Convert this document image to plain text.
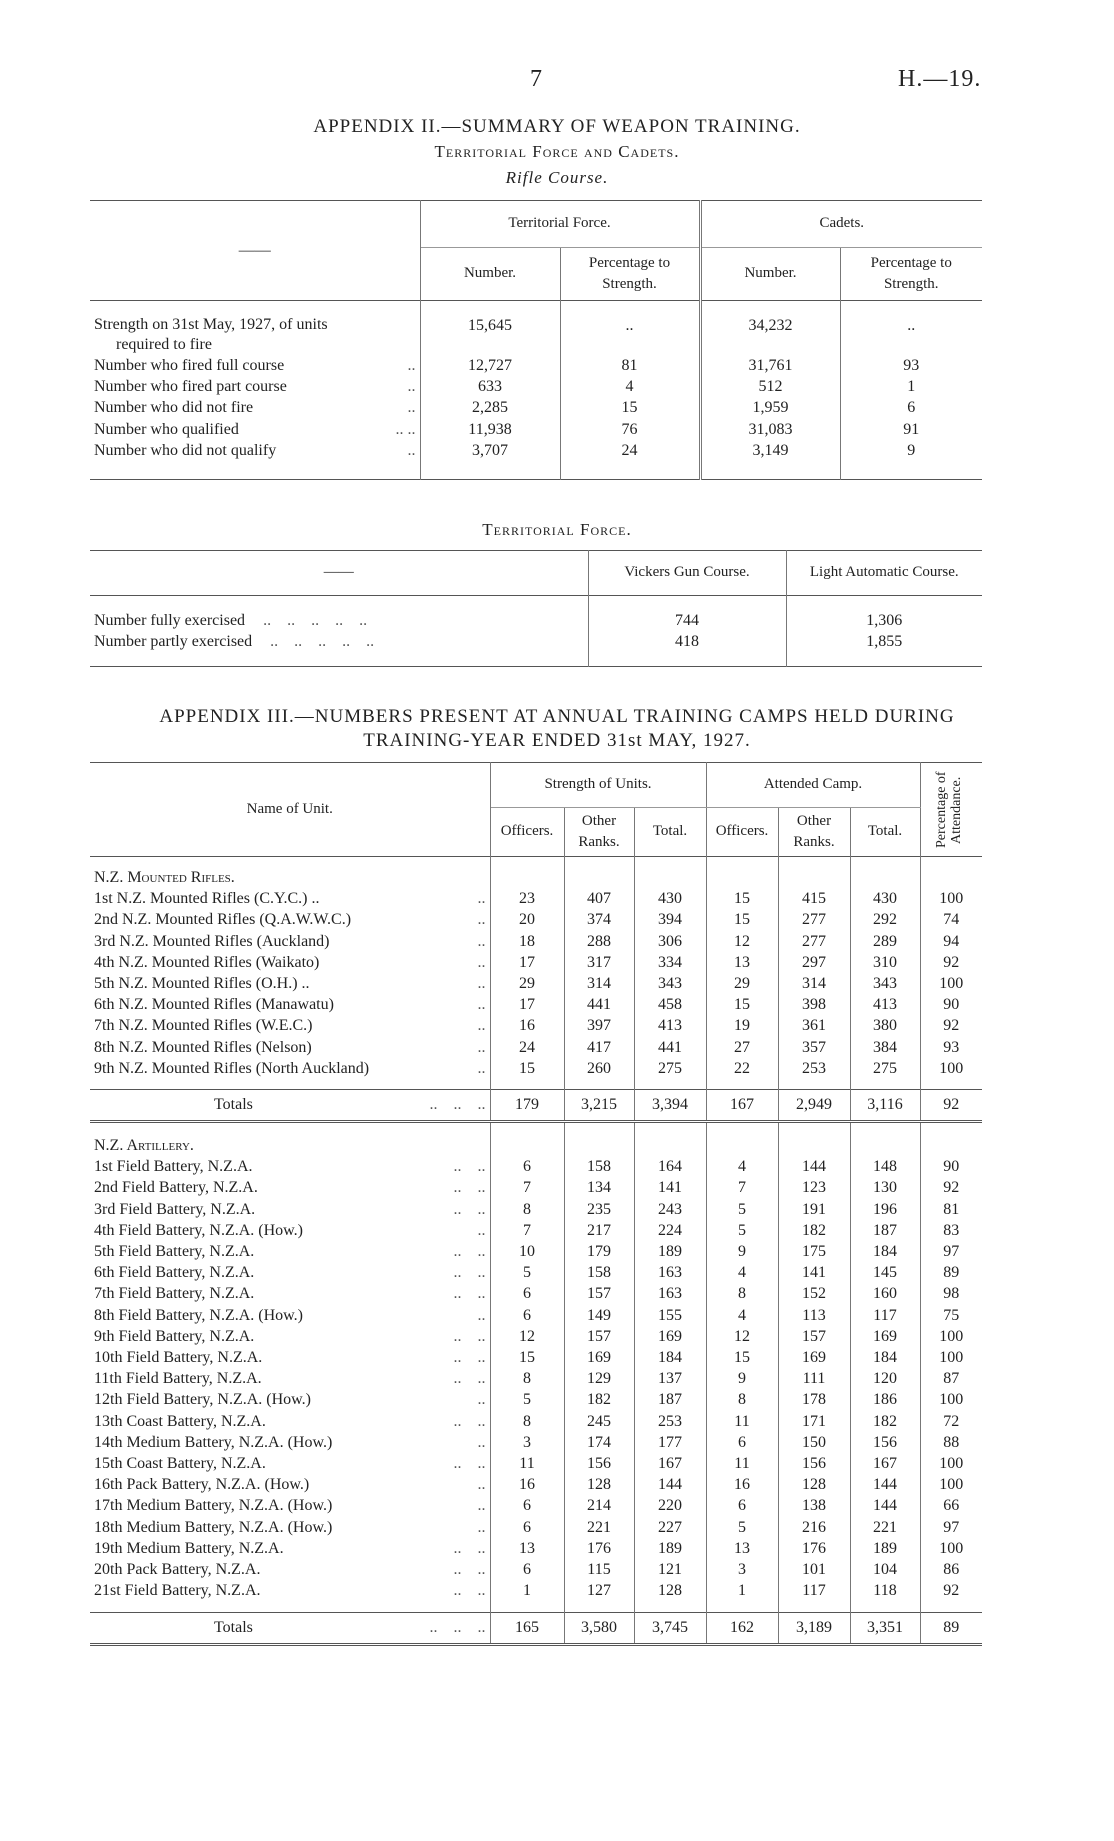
7	H.—19.
APPENDIX II.—SUMMARY OF WEAPON TRAINING.
Territorial Force and Cadets.
Rifle Course.
——	Territorial Force.		Cadets.	
	Number.	Percentage to Strength.	Number.	Percentage to Strength.

Strength on 31st May, 1927, of units
required to fire	15,645	..	34,232	..
Number who fired full course ..	12,727	81	31,761	93
Number who fired part course ..	633	4	512	1
Number who did not fire ..	2,285	15	1,959	6
Number who qualified .. ..	11,938	76	31,083	91
Number who did not qualify ..	3,707	24	3,149	9

Territorial Force.
——	Vickers Gun Course.	Light Automatic Course.

Number fully exercised ..    ..    ..    ..    ..	744	1,306
Number partly exercised ..    ..    ..    ..    ..	418	1,855

APPENDIX III.—NUMBERS PRESENT AT ANNUAL TRAINING CAMPS HELD DURING
TRAINING-YEAR ENDED 31st MAY, 1927.
Name of Unit.	Strength of Units.			Attended Camp.			Percentage of Attendance.

	Officers.	Other Ranks.	Total.	Officers.	Other Ranks.	Total.	

N.Z. Mounted Rifles.							
1st N.Z. Mounted Rifles (C.Y.C.) .. ..	23	407	430	15	415	430	100
2nd N.Z. Mounted Rifles (Q.A.W.W.C.) ..	20	374	394	15	277	292	74
3rd N.Z. Mounted Rifles (Auckland) ..	18	288	306	12	277	289	94
4th N.Z. Mounted Rifles (Waikato) ..	17	317	334	13	297	310	92
5th N.Z. Mounted Rifles (O.H.) .. ..	29	314	343	29	314	343	100
6th N.Z. Mounted Rifles (Manawatu) ..	17	441	458	15	398	413	90
7th N.Z. Mounted Rifles (W.E.C.) ..	16	397	413	19	361	380	92
8th N.Z. Mounted Rifles (Nelson) ..	24	417	441	27	357	384	93
9th N.Z. Mounted Rifles (North Auckland) ..	15	260	275	22	253	275	100

Totals ..    ..    ..	179	3,215	3,394	167	2,949	3,116	92

N.Z. Artillery.							
1st Field Battery, N.Z.A. ..    ..	6	158	164	4	144	148	90
2nd Field Battery, N.Z.A. ..    ..	7	134	141	7	123	130	92
3rd Field Battery, N.Z.A. ..    ..	8	235	243	5	191	196	81
4th Field Battery, N.Z.A. (How.) ..	7	217	224	5	182	187	83
5th Field Battery, N.Z.A. ..    ..	10	179	189	9	175	184	97
6th Field Battery, N.Z.A. ..    ..	5	158	163	4	141	145	89
7th Field Battery, N.Z.A. ..    ..	6	157	163	8	152	160	98
8th Field Battery, N.Z.A. (How.) ..	6	149	155	4	113	117	75
9th Field Battery, N.Z.A. ..    ..	12	157	169	12	157	169	100
10th Field Battery, N.Z.A. ..    ..	15	169	184	15	169	184	100
11th Field Battery, N.Z.A. ..    ..	8	129	137	9	111	120	87
12th Field Battery, N.Z.A. (How.) ..	5	182	187	8	178	186	100
13th Coast Battery, N.Z.A. ..    ..	8	245	253	11	171	182	72
14th Medium Battery, N.Z.A. (How.) ..	3	174	177	6	150	156	88
15th Coast Battery, N.Z.A. ..    ..	11	156	167	11	156	167	100
16th Pack Battery, N.Z.A. (How.) ..	16	128	144	16	128	144	100
17th Medium Battery, N.Z.A. (How.) ..	6	214	220	6	138	144	66
18th Medium Battery, N.Z.A. (How.) ..	6	221	227	5	216	221	97
19th Medium Battery, N.Z.A. ..    ..	13	176	189	13	176	189	100
20th Pack Battery, N.Z.A. ..    ..	6	115	121	3	101	104	86
21st Field Battery, N.Z.A. ..    ..	1	127	128	1	117	118	92

Totals ..    ..    ..	165	3,580	3,745	162	3,189	3,351	89
